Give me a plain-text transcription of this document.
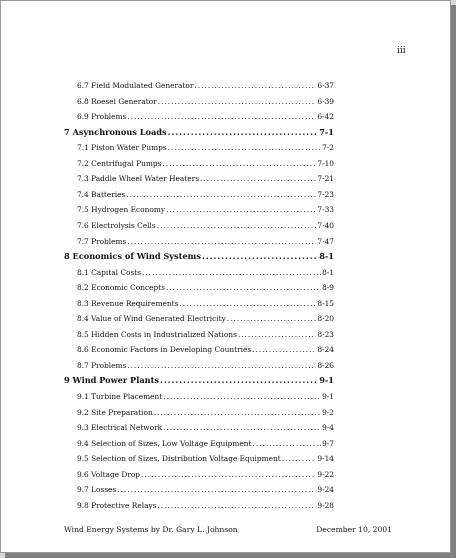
iii
6.7 Field Modulated Generator .....	6-37
6.8 Roesel Generator .....	6-39
6.9 Problems .....	6-42
7 Asynchronous Loads .....	7-1
7.1 Piston Water Pumps .....	7-2
7.2 Centrifugal Pumps .....	7-10
7.3 Paddle Wheel Water Heaters .....	7-21
7.4 Batteries .....	7-23
7.5 Hydrogen Economy .....	7-33
7.6 Electrolysis Cells .....	7-40
7.7 Problems .....	7-47
8 Economics of Wind Systems .....	8-1
8.1 Capital Costs .....	8-1
8.2 Economic Concepts .....	8-9
8.3 Revenue Requirements .....	8-15
8.4 Value of Wind Generated Electricity .....	8-20
8.5 Hidden Costs in Industrialized Nations .....	8-23
8.6 Economic Factors in Developing Countries .....	8-24
8.7 Problems .....	8-26
9 Wind Power Plants .....	9-1
9.1 Turbine Placement .....	9-1
9.2 Site Preparation .....	9-2
9.3 Electrical Network .....	9-4
9.4 Selection of Sizes, Low Voltage Equipment .....	9-7
9.5 Selection of Sizes, Distribution Voltage Equipment .....	9-14
9.6 Voltage Drop .....	9-22
9.7 Losses .....	9-24
9.8 Protective Relays .....	9-28
Wind Energy Systems by Dr. Gary L. Johnson	December 10, 2001
